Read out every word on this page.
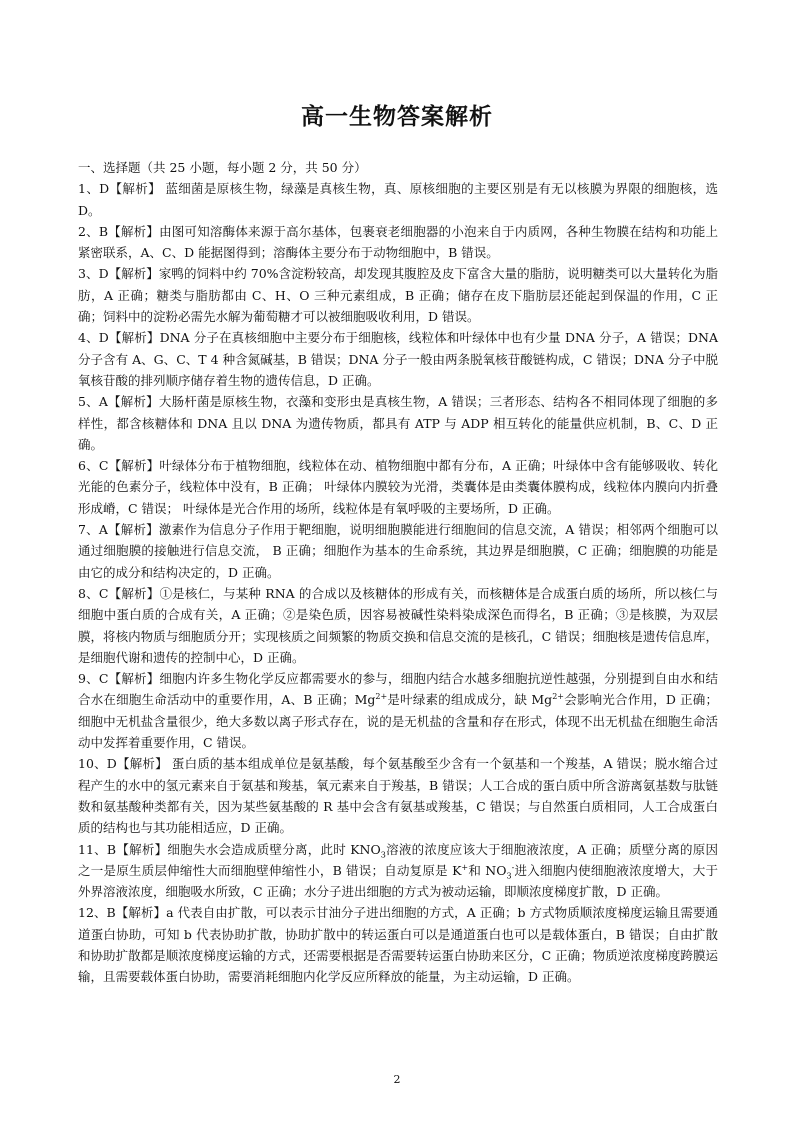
高一生物答案解析

一、选择题（共 25 小题，每小题 2 分，共 50 分）

1、D【解析】 蓝细菌是原核生物，绿藻是真核生物，真、原核细胞的主要区别是有无以核膜为界限的细胞核，选 D。

2、B【解析】由图可知溶酶体来源于高尔基体，包裹衰老细胞器的小泡来自于内质网，各种生物膜在结构和功能上紧密联系，A、C、D 能据图得到；溶酶体主要分布于动物细胞中，B 错误。

3、D【解析】家鸭的饲料中约 70%含淀粉较高，却发现其腹腔及皮下富含大量的脂肪，说明糖类可以大量转化为脂肪，A 正确；糖类与脂肪都由 C、H、O 三种元素组成，B 正确；储存在皮下脂肪层还能起到保温的作用，C 正确；饲料中的淀粉必需先水解为葡萄糖才可以被细胞吸收利用，D 错误。

4、D【解析】DNA 分子在真核细胞中主要分布于细胞核，线粒体和叶绿体中也有少量 DNA 分子，A 错误；DNA 分子含有 A、G、C、T 4 种含氮碱基，B 错误；DNA 分子一般由两条脱氧核苷酸链构成，C 错误；DNA 分子中脱氧核苷酸的排列顺序储存着生物的遗传信息，D 正确。

5、A【解析】大肠杆菌是原核生物，衣藻和变形虫是真核生物，A 错误；三者形态、结构各不相同体现了细胞的多样性，都含核糖体和 DNA 且以 DNA 为遗传物质，都具有 ATP 与 ADP 相互转化的能量供应机制，B、C、D 正确。

6、C【解析】叶绿体分布于植物细胞，线粒体在动、植物细胞中都有分布，A 正确；叶绿体中含有能够吸收、转化光能的色素分子，线粒体中没有，B 正确； 叶绿体内膜较为光滑，类囊体是由类囊体膜构成，线粒体内膜向内折叠形成嵴，C 错误； 叶绿体是光合作用的场所，线粒体是有氧呼吸的主要场所，D 正确。

7、A【解析】激素作为信息分子作用于靶细胞，说明细胞膜能进行细胞间的信息交流，A 错误；相邻两个细胞可以通过细胞膜的接触进行信息交流， B 正确；细胞作为基本的生命系统，其边界是细胞膜，C 正确；细胞膜的功能是由它的成分和结构决定的，D 正确。

8、C【解析】①是核仁，与某种 RNA 的合成以及核糖体的形成有关，而核糖体是合成蛋白质的场所，所以核仁与细胞中蛋白质的合成有关，A 正确；②是染色质，因容易被碱性染料染成深色而得名，B 正确；③是核膜，为双层膜，将核内物质与细胞质分开；实现核质之间频繁的物质交换和信息交流的是核孔，C 错误；细胞核是遗传信息库，是细胞代谢和遗传的控制中心，D 正确。

9、C【解析】细胞内许多生物化学反应都需要水的参与，细胞内结合水越多细胞抗逆性越强，分别提到自由水和结合水在细胞生命活动中的重要作用，A、B 正确；$Mg^{2+}$是叶绿素的组成成分，缺 $Mg^{2+}$会影响光合作用，D 正确；细胞中无机盐含量很少，绝大多数以离子形式存在，说的是无机盐的含量和存在形式，体现不出无机盐在细胞生命活动中发挥着重要作用，C 错误。

10、D【解析】 蛋白质的基本组成单位是氨基酸，每个氨基酸至少含有一个氨基和一个羧基，A 错误；脱水缩合过程产生的水中的氢元素来自于氨基和羧基，氧元素来自于羧基，B 错误；人工合成的蛋白质中所含游离氨基数与肽链数和氨基酸种类都有关，因为某些氨基酸的 R 基中会含有氨基或羧基，C 错误；与自然蛋白质相同，人工合成蛋白质的结构也与其功能相适应，D 正确。

11、B【解析】细胞失水会造成质壁分离，此时 $KNO_3$溶液的浓度应该大于细胞液浓度，A 正确；质壁分离的原因之一是原生质层伸缩性大而细胞壁伸缩性小，B 错误；自动复原是 K+和 $NO_3^-$进入细胞内使细胞液浓度增大，大于外界溶液浓度，细胞吸水所致，C 正确；水分子进出细胞的方式为被动运输，即顺浓度梯度扩散，D 正确。

12、B【解析】a 代表自由扩散，可以表示甘油分子进出细胞的方式，A 正确；b 方式物质顺浓度梯度运输且需要通道蛋白协助，可知 b 代表协助扩散，协助扩散中的转运蛋白可以是通道蛋白也可以是载体蛋白，B 错误；自由扩散和协助扩散都是顺浓度梯度运输的方式，还需要根据是否需要转运蛋白协助来区分，C 正确；物质逆浓度梯度跨膜运输，且需要载体蛋白协助，需要消耗细胞内化学反应所释放的能量，为主动运输，D 正确。

2
